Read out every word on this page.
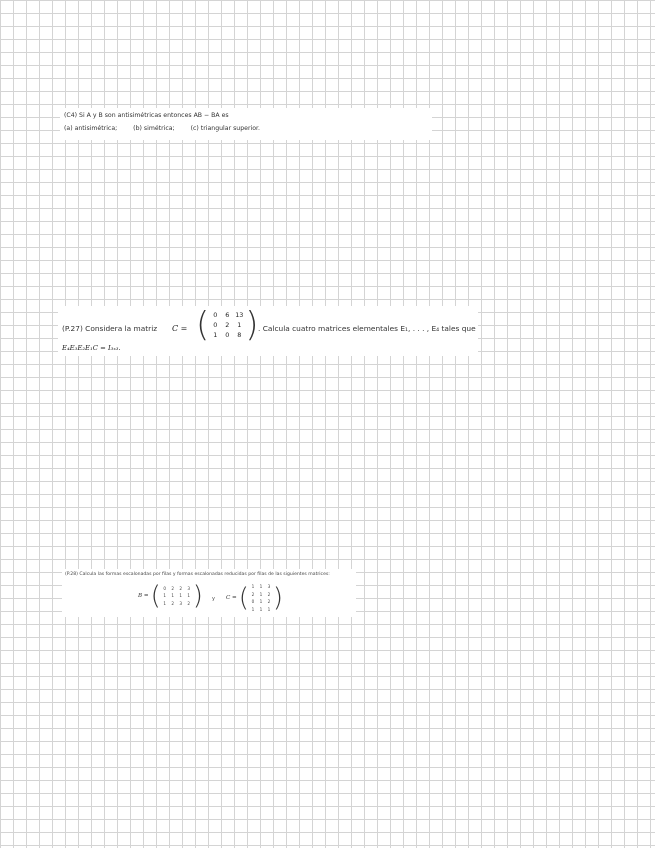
(C4) Si A y B son antisimétricas entonces AB − BA es
(a) antisimétrica;	(b) simétrica;	(c) triangular superior.
(P.27) Considera la matriz C = ( 0	6 13
0	2	1
1	0	8 ) . Calcula cuatro matrices elementales E₁, . . . , E₄ tales que
E₄E₃E₂E₁C = I₃ₓ₃.
(P.28) Calcula las formas escalonadas por filas y formas escalonadas reducidas por filas de las siguientes matrices:
B = ( 0	2	2	3
1	1	1	1
1	2	3	2 ) y C = ( 1	1	3
2	1	2
0	1	2
1	1	1 )
